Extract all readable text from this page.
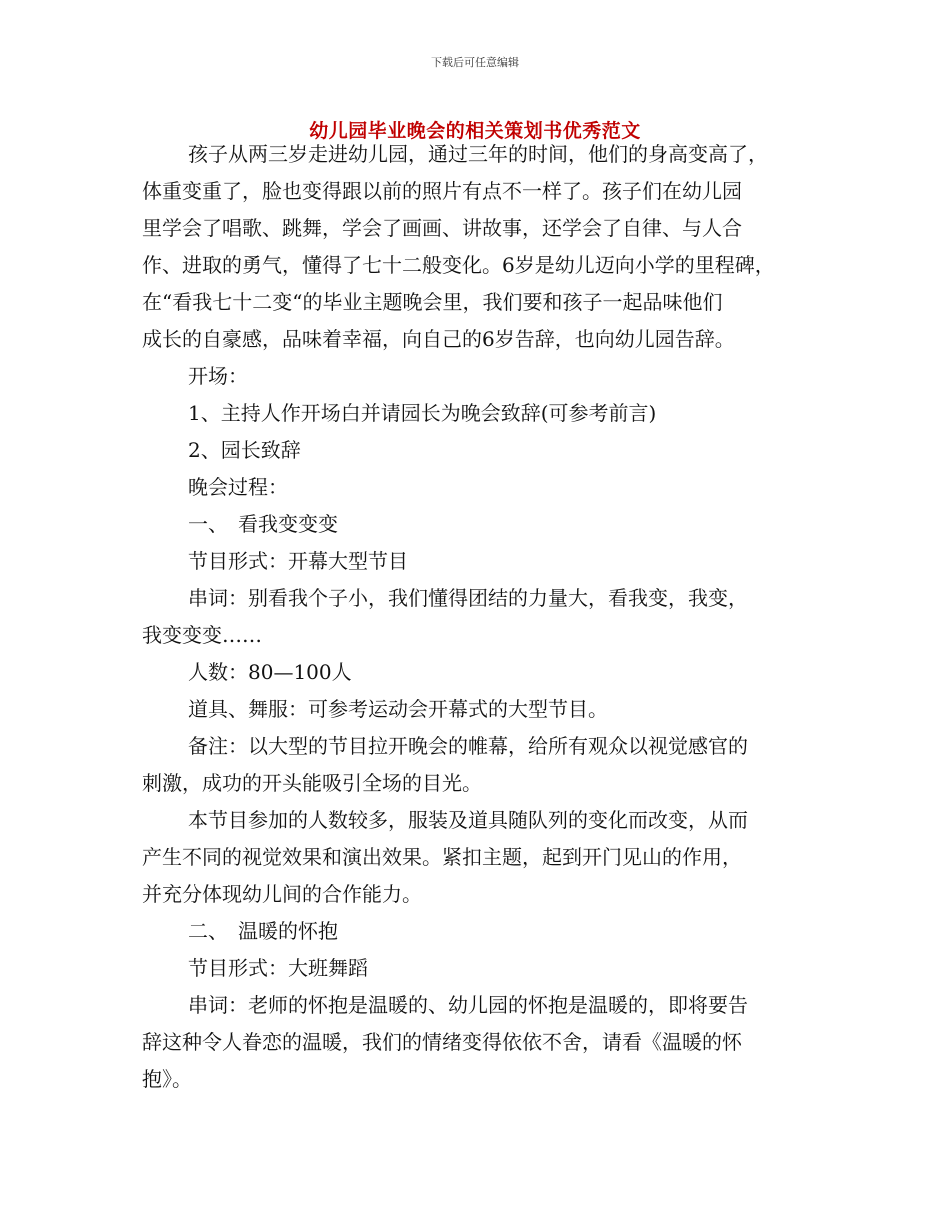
下载后可任意编辑
幼儿园毕业晚会的相关策划书优秀范文
孩子从两三岁走进幼儿园，通过三年的时间，他们的身高变高了，
体重变重了，脸也变得跟以前的照片有点不一样了。孩子们在幼儿园
里学会了唱歌、跳舞，学会了画画、讲故事，还学会了自律、与人合
作、进取的勇气，懂得了七十二般变化。6岁是幼儿迈向小学的里程碑，
在“看我七十二变“的毕业主题晚会里，我们要和孩子一起品味他们
成长的自豪感，品味着幸福，向自己的6岁告辞，也向幼儿园告辞。
开场：
1、主持人作开场白并请园长为晚会致辞(可参考前言)
2、园长致辞
晚会过程：
一、　看我变变变
节目形式：开幕大型节目
串词：别看我个子小，我们懂得团结的力量大，看我变，我变，
我变变变……
人数：80—100人
道具、舞服：可参考运动会开幕式的大型节目。
备注：以大型的节目拉开晚会的帷幕，给所有观众以视觉感官的
刺激，成功的开头能吸引全场的目光。
本节目参加的人数较多，服装及道具随队列的变化而改变，从而
产生不同的视觉效果和演出效果。紧扣主题，起到开门见山的作用，
并充分体现幼儿间的合作能力。
二、　温暖的怀抱
节目形式：大班舞蹈
串词：老师的怀抱是温暖的、幼儿园的怀抱是温暖的，即将要告
辞这种令人眷恋的温暖，我们的情绪变得依依不舍，请看《温暖的怀
抱》。
